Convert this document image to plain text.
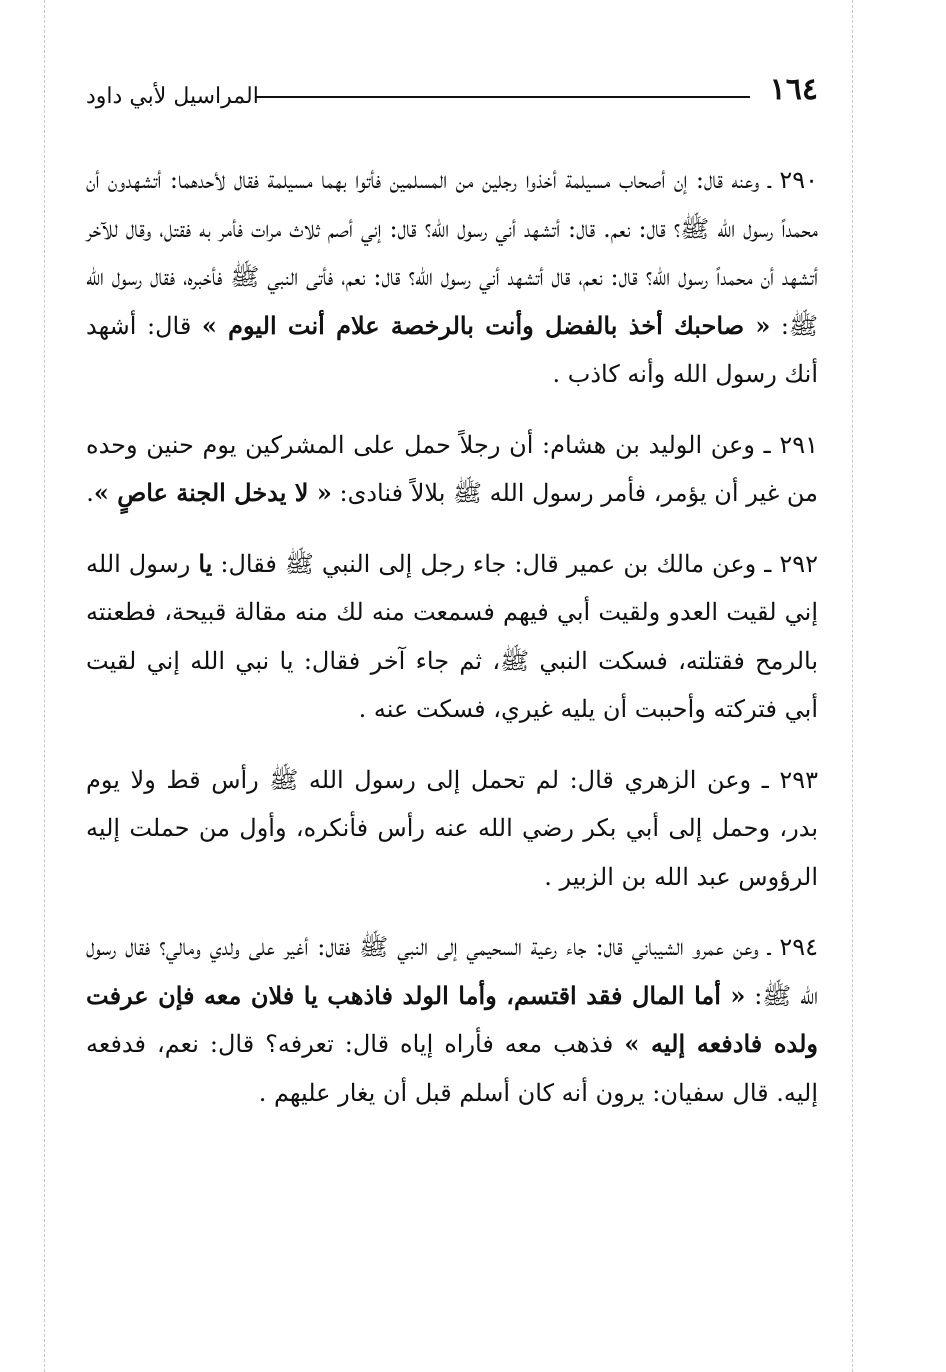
١٦٤
المراسيل لأبي داود

٢٩٠ ـ وعنه قال: إن أصحاب مسيلمة أخذوا رجلين من المسلمين فأتوا بهما مسيلمة فقال لأحدهما: أتشهدون أن محمداً رسول الله ﷺ؟ قال: نعم. قال: أتشهد أني رسول الله؟ قال: إني أصم ثلاث مرات فأمر به فقتل، وقال للآخر أتشهد أن محمداً رسول الله؟ قال: نعم، قال أتشهد أني رسول الله؟ قال: نعم، فأتى النبي ﷺ فأخبره، فقال رسول الله ﷺ: « صاحبك أخذ بالفضل وأنت بالرخصة علام أنت اليوم » قال: أشهد أنك رسول الله وأنه كاذب .

٢٩١ ـ وعن الوليد بن هشام: أن رجلاً حمل على المشركين يوم حنين وحده من غير أن يؤمر، فأمر رسول الله ﷺ بلالاً فنادى: « لا يدخل الجنة عاصٍ ».

٢٩٢ ـ وعن مالك بن عمير قال: جاء رجل إلى النبي ﷺ فقال: يا رسول الله إني لقيت العدو ولقيت أبي فيهم فسمعت منه لك منه مقالة قبيحة، فطعنته بالرمح فقتلته، فسكت النبي ﷺ، ثم جاء آخر فقال: يا نبي الله إني لقيت أبي فتركته وأحببت أن يليه غيري، فسكت عنه .

٢٩٣ ـ وعن الزهري قال: لم تحمل إلى رسول الله ﷺ رأس قط ولا يوم بدر، وحمل إلى أبي بكر رضي الله عنه رأس فأنكره، وأول من حملت إليه الرؤوس عبد الله بن الزبير .

٢٩٤ ـ وعن عمرو الشيباني قال: جاء رعية السحيمي إلى النبي ﷺ فقال: أغير على ولدي ومالي؟ فقال رسول الله ﷺ: « أما المال فقد اقتسم، وأما الولد فاذهب يا فلان معه فإن عرفت ولده فادفعه إليه » فذهب معه فأراه إياه قال: تعرفه؟ قال: نعم، فدفعه إليه. قال سفيان: يرون أنه كان أسلم قبل أن يغار عليهم .
